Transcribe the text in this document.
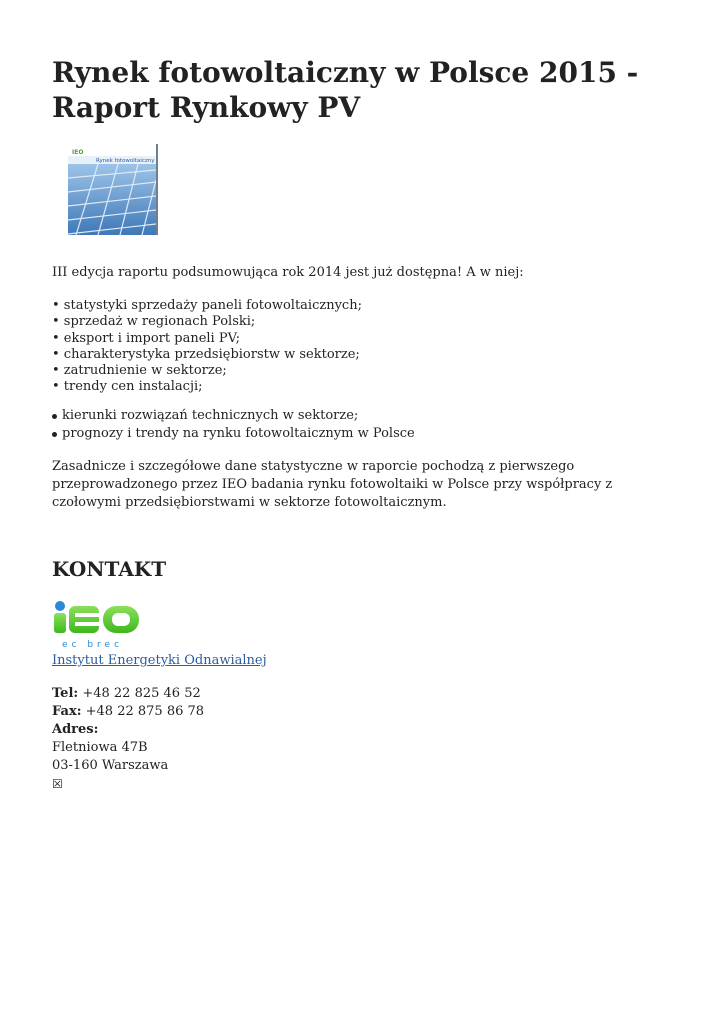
Rynek fotowoltaiczny w Polsce 2015 - Raport Rynkowy PV
IEO
Rynek fotowoltaiczny

III edycja raportu podsumowująca rok 2014 jest już dostępna! A w niej:

• statystyki sprzedaży paneli fotowoltaicznych;
• sprzedaż w regionach Polski;
• eksport i import paneli PV;
• charakterystyka przedsiębiorstw w sektorze;
• zatrudnienie w sektorze;
• trendy cen instalacji;
kierunki rozwiązań technicznych w sektorze;
prognozy i trendy na rynku fotowoltaicznym w Polsce

Zasadnicze i szczegółowe dane statystyczne w raporcie pochodzą z pierwszego przeprowadzonego przez IEO badania rynku fotowoltaiki w Polsce przy współpracy z czołowymi przedsiębiorstwami w sektorze fotowoltaicznym.

KONTAKT
ec brec
Instytut Energetyki Odnawialnej
Tel: +48 22 825 46 52
Fax: +48 22 875 86 78
Adres:
Fletniowa 47B
03-160 Warszawa
☒
